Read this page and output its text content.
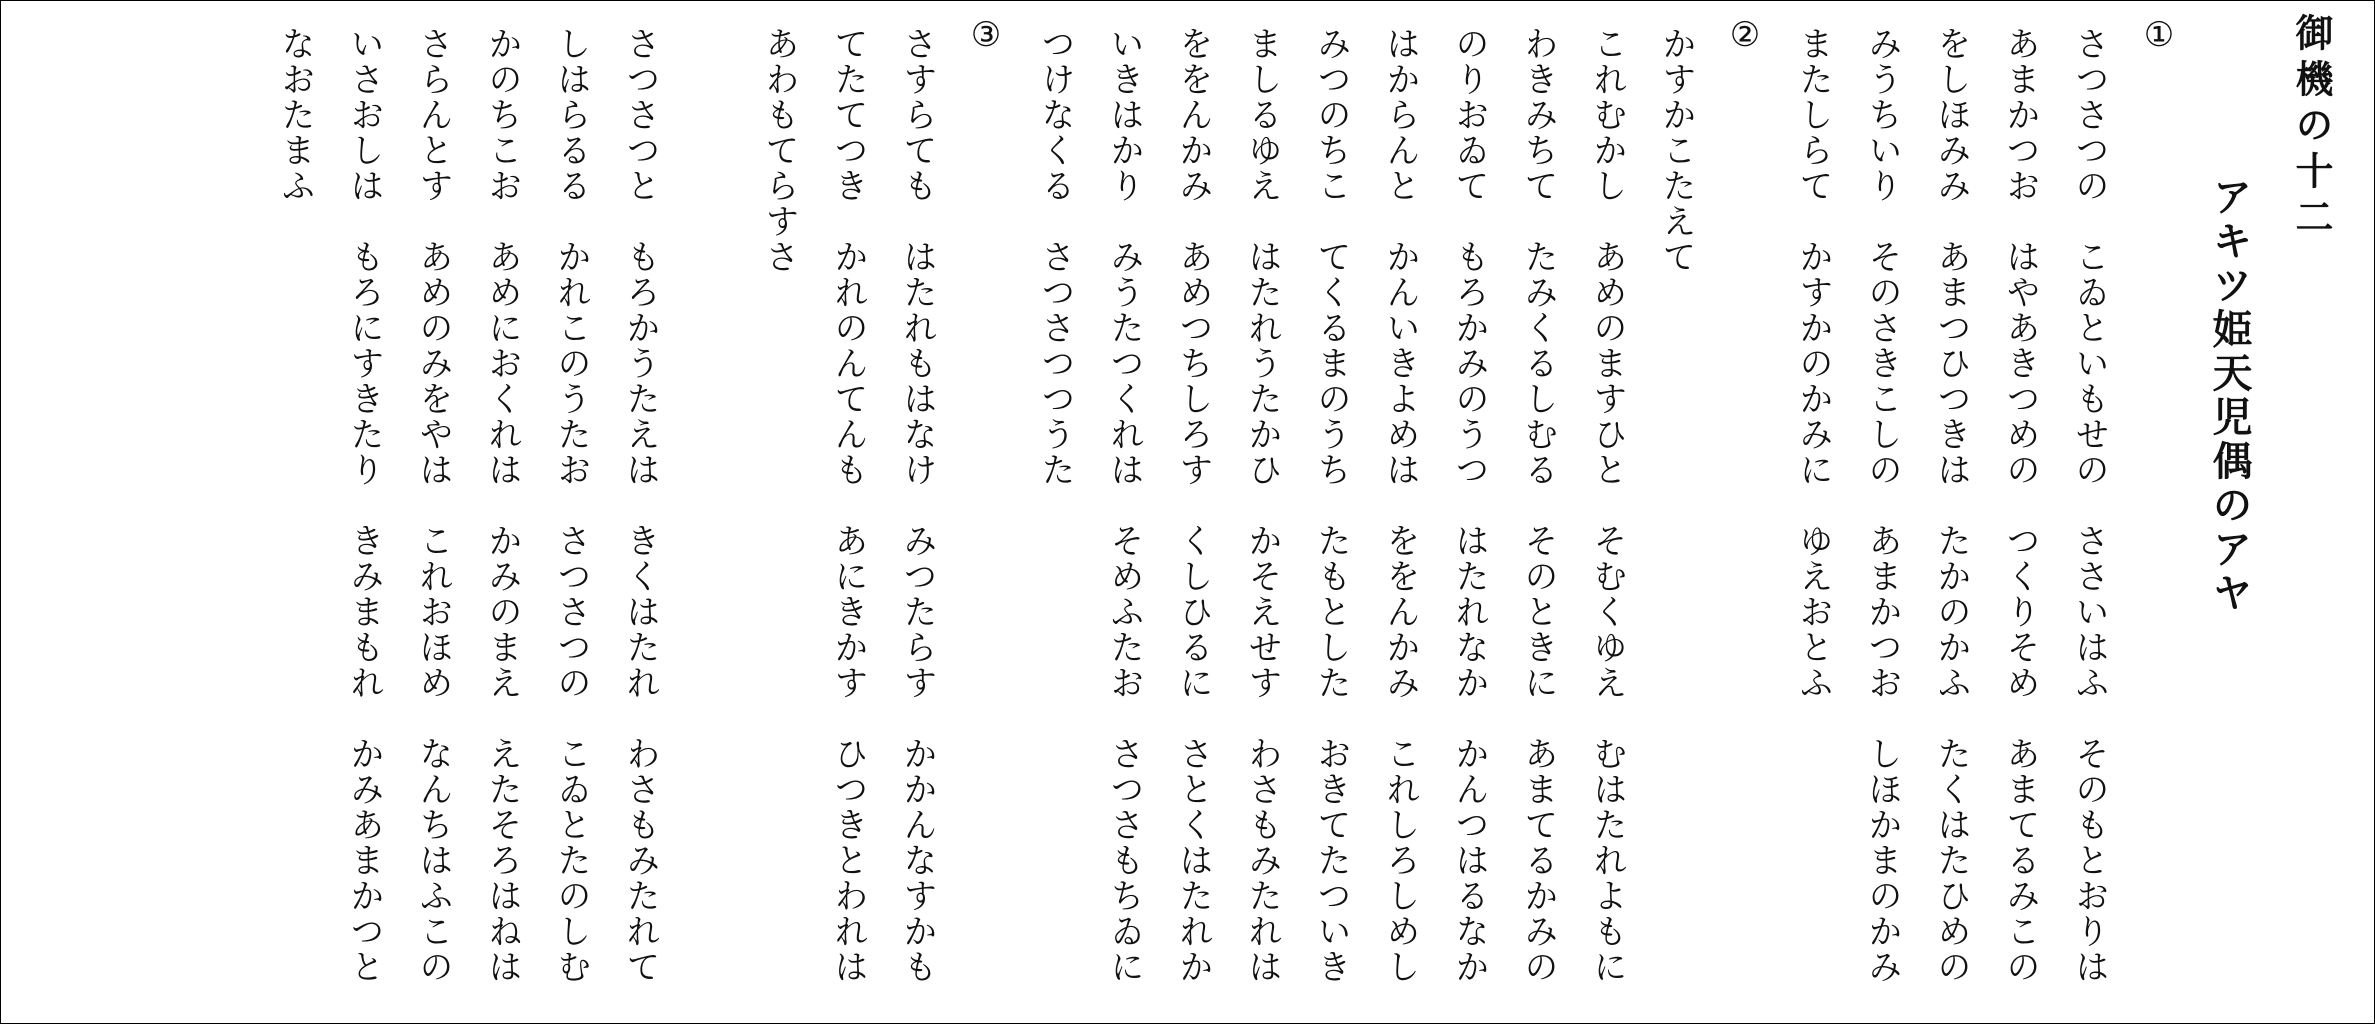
御機の十二
アキツ姫天児偶のアヤ
①

さつさつの　こゐといもせの　ささいはふ　そのもとおりは

あまかつお　はやあきつめの　つくりそめ　あまてるみこの

をしほみみ　あまつひつきは　たかのかふ　たくはたひめの

みうちいり　そのさきこしの　あまかつお　しほかまのかみ

またしらて　かすかのかみに　ゆえおとふ

②

かすかこたえて

これむかし　あめのますひと　そむくゆえ　むはたれよもに

わきみちて　たみくるしむる　そのときに　あまてるかみの

のりおゐて　もろかみのうつ　はたれなか　かんつはるなか

はからんと　かんいきよめは　ををんかみ　これしろしめし

みつのちこ　てくるまのうち　たもとした　おきてたついき

ましるゆえ　はたれうたかひ　かそえせす　わさもみたれは

ををんかみ　あめつちしろす　くしひるに　さとくはたれか

いきはかり　みうたつくれは　そめふたお　さつさもちゐに

つけなくる　さつさつつうた

③

さすらても　はたれもはなけ　みつたらす　かかんなすかも

てたてつき　かれのんてんも　あにきかす　ひつきとわれは

あわもてらすさ

さつさつと　もろかうたえは　きくはたれ　わさもみたれて

しはらるる　かれこのうたお　さつさつの　こゐとたのしむ

かのちこお　あめにおくれは　かみのまえ　えたそろはねは

さらんとす　あめのみをやは　これおほめ　なんちはふこの

いさおしは　もろにすきたり　きみまもれ　かみあまかつと

なおたまふ
